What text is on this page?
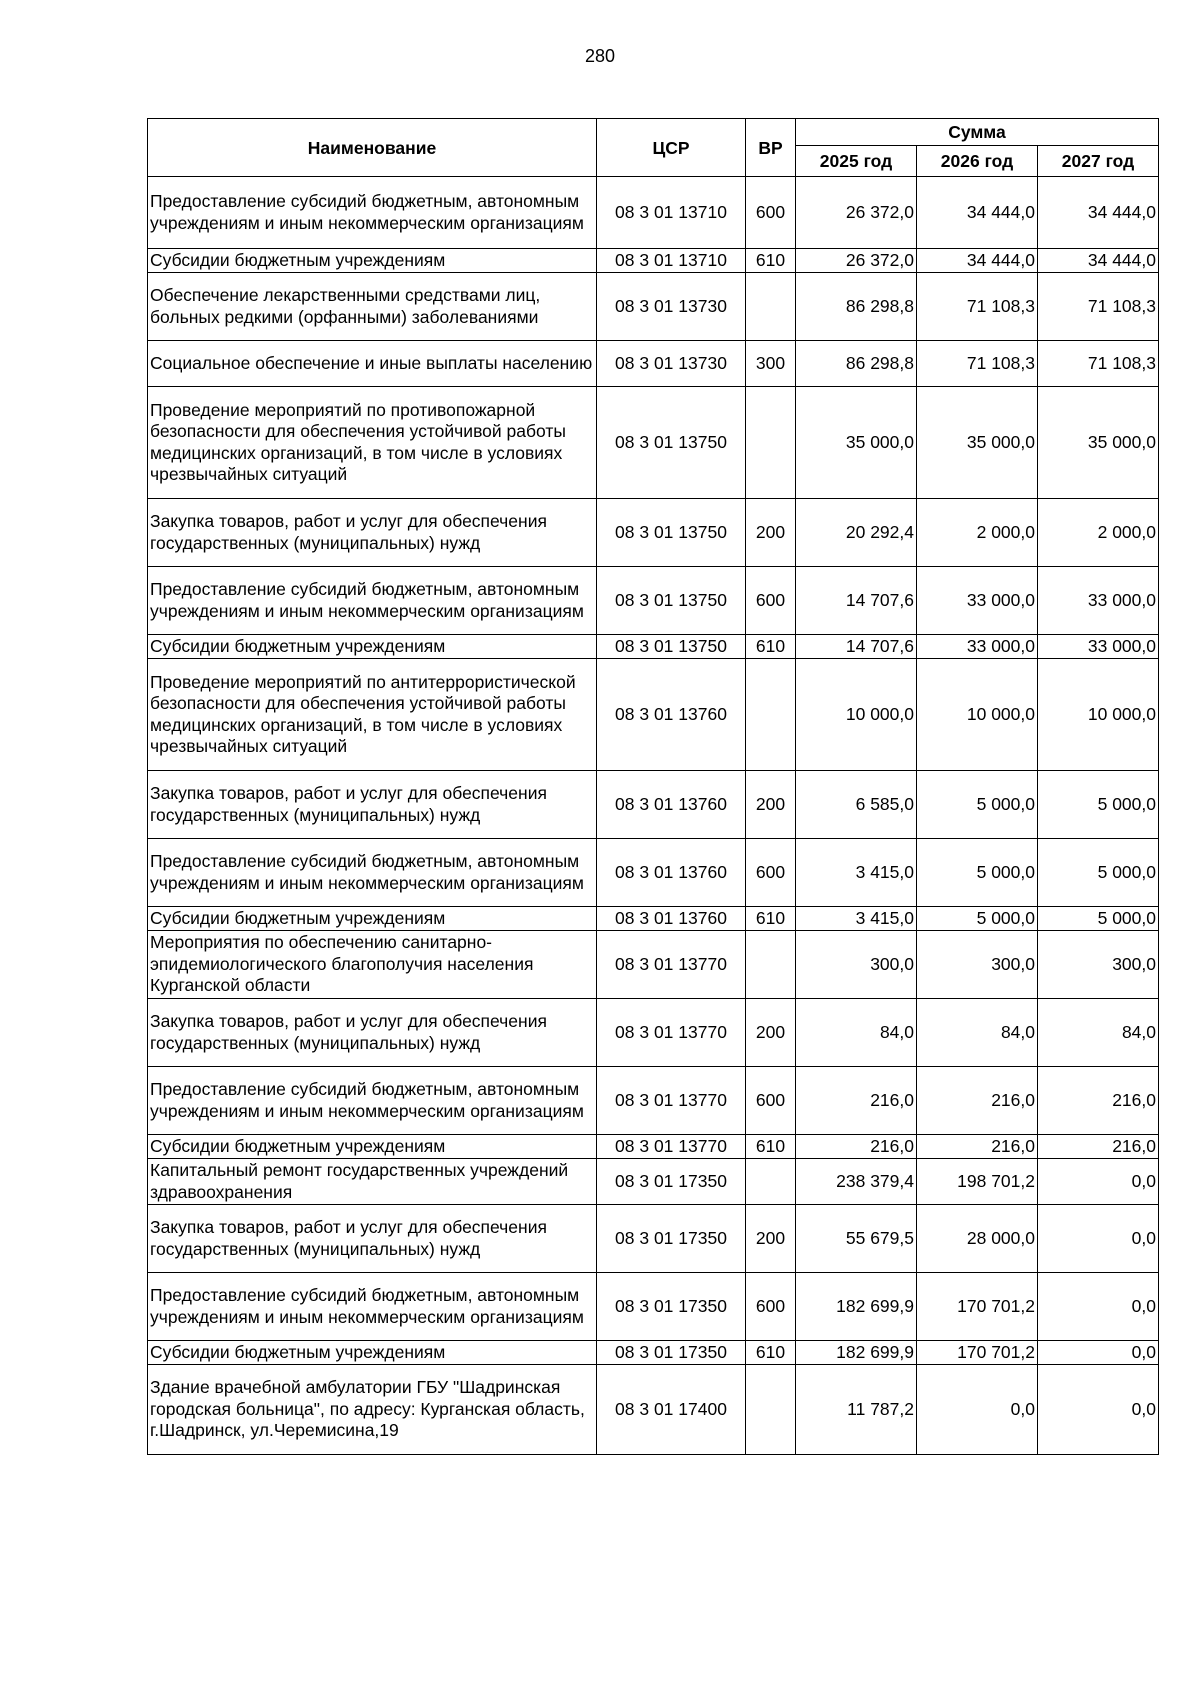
280
Наименование	ЦСР	ВР	Сумма		
			2025 год	2026 год	2027 год
Предоставление субсидий бюджетным, автономным учреждениям и иным некоммерческим организациям	08 3 01 13710	600	26 372,0	34 444,0	34 444,0
Субсидии бюджетным учреждениям	08 3 01 13710	610	26 372,0	34 444,0	34 444,0
Обеспечение лекарственными средствами лиц, больных редкими (орфанными) заболеваниями	08 3 01 13730		86 298,8	71 108,3	71 108,3
Социальное обеспечение и иные выплаты населению	08 3 01 13730	300	86 298,8	71 108,3	71 108,3
Проведение мероприятий по противопожарной безопасности для обеспечения устойчивой работы медицинских организаций, в том числе в условиях чрезвычайных ситуаций	08 3 01 13750		35 000,0	35 000,0	35 000,0
Закупка товаров, работ и услуг для обеспечения государственных (муниципальных) нужд	08 3 01 13750	200	20 292,4	2 000,0	2 000,0
Предоставление субсидий бюджетным, автономным учреждениям и иным некоммерческим организациям	08 3 01 13750	600	14 707,6	33 000,0	33 000,0
Субсидии бюджетным учреждениям	08 3 01 13750	610	14 707,6	33 000,0	33 000,0
Проведение мероприятий по антитеррористической безопасности для обеспечения устойчивой работы медицинских организаций, в том числе в условиях чрезвычайных ситуаций	08 3 01 13760		10 000,0	10 000,0	10 000,0
Закупка товаров, работ и услуг для обеспечения государственных (муниципальных) нужд	08 3 01 13760	200	6 585,0	5 000,0	5 000,0
Предоставление субсидий бюджетным, автономным учреждениям и иным некоммерческим организациям	08 3 01 13760	600	3 415,0	5 000,0	5 000,0
Субсидии бюджетным учреждениям	08 3 01 13760	610	3 415,0	5 000,0	5 000,0
Мероприятия по обеспечению санитарно-эпидемиологического благополучия населения Курганской области	08 3 01 13770		300,0	300,0	300,0
Закупка товаров, работ и услуг для обеспечения государственных (муниципальных) нужд	08 3 01 13770	200	84,0	84,0	84,0
Предоставление субсидий бюджетным, автономным учреждениям и иным некоммерческим организациям	08 3 01 13770	600	216,0	216,0	216,0
Субсидии бюджетным учреждениям	08 3 01 13770	610	216,0	216,0	216,0
Капитальный ремонт государственных учреждений здравоохранения	08 3 01 17350		238 379,4	198 701,2	0,0
Закупка товаров, работ и услуг для обеспечения государственных (муниципальных) нужд	08 3 01 17350	200	55 679,5	28 000,0	0,0
Предоставление субсидий бюджетным, автономным учреждениям и иным некоммерческим организациям	08 3 01 17350	600	182 699,9	170 701,2	0,0
Субсидии бюджетным учреждениям	08 3 01 17350	610	182 699,9	170 701,2	0,0
Здание врачебной амбулатории ГБУ "Шадринская городская больница", по адресу: Курганская область, г.Шадринск, ул.Черемисина,19	08 3 01 17400		11 787,2	0,0	0,0
